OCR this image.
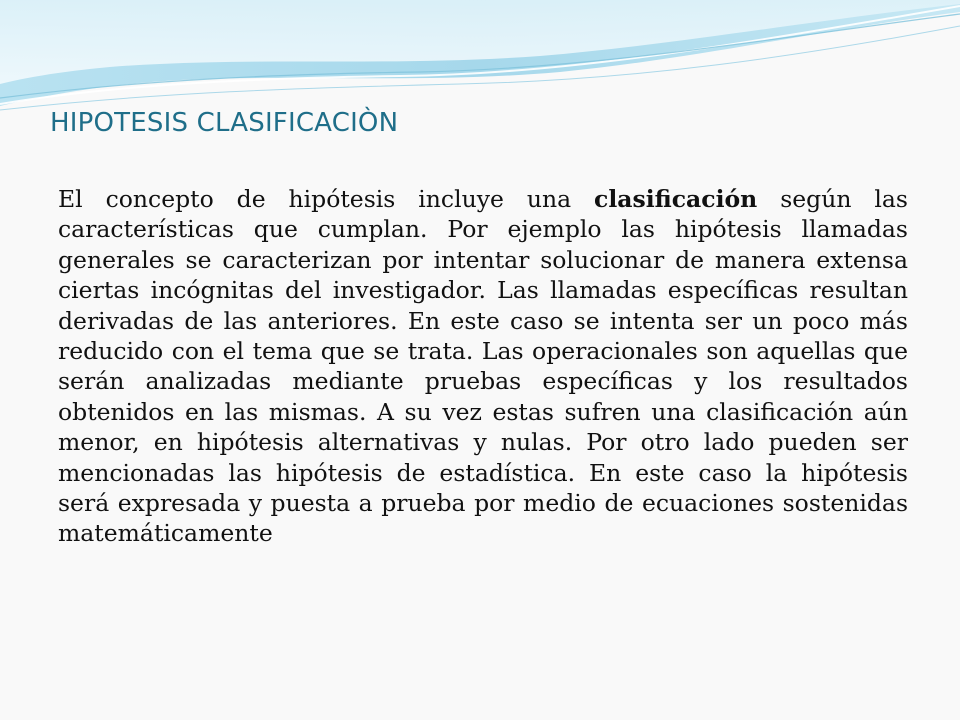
HIPOTESIS CLASIFICACIÒN

El concepto de hipótesis incluye una clasificación según las características que cumplan. Por ejemplo las hipótesis llamadas generales se caracterizan por intentar solucionar de manera extensa ciertas incógnitas del investigador. Las llamadas específicas resultan derivadas de las anteriores. En este caso se intenta ser un poco más reducido con el tema que se trata. Las operacionales son aquellas que serán analizadas mediante pruebas específicas y los resultados obtenidos en las mismas. A su vez estas sufren una clasificación aún menor, en hipótesis alternativas y nulas. Por otro lado pueden ser mencionadas las hipótesis de estadística. En este caso la hipótesis será expresada y puesta a prueba por medio de ecuaciones sostenidas matemáticamente
